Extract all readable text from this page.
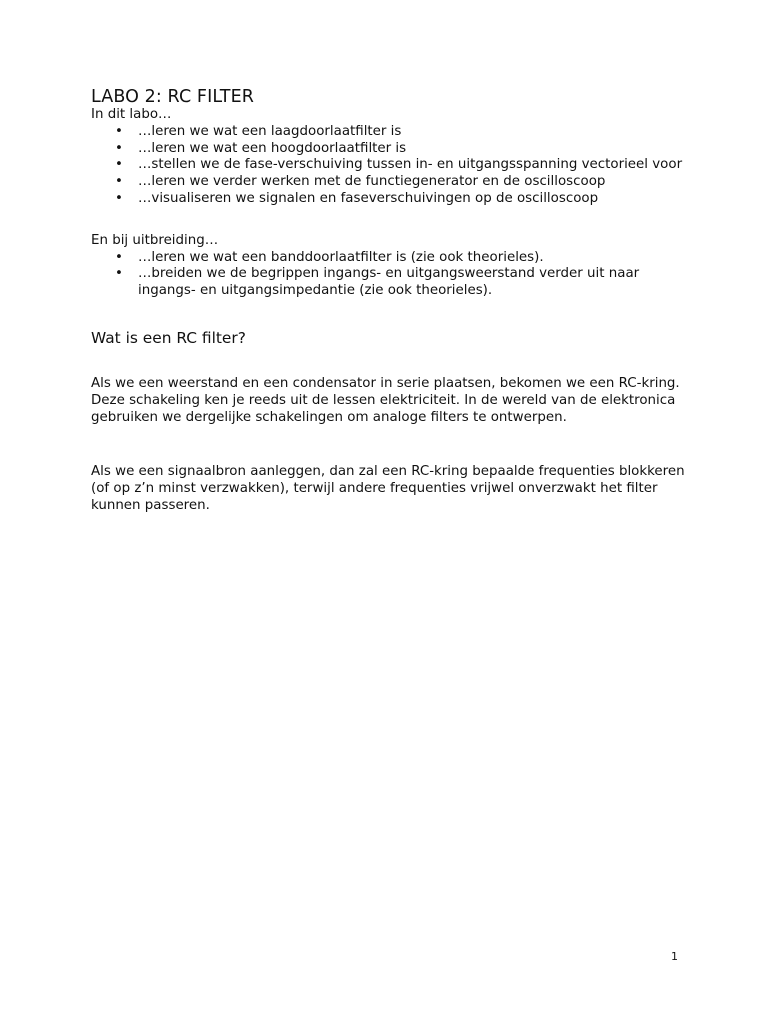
LABO 2: RC FILTER

In dit labo…

• …leren we wat een laagdoorlaatfilter is
• …leren we wat een hoogdoorlaatfilter is
• …stellen we de fase-verschuiving tussen in- en uitgangsspanning vectorieel voor
• …leren we verder werken met de functiegenerator en de oscilloscoop
• …visualiseren we signalen en faseverschuivingen op de oscilloscoop

En bij uitbreiding…

• …leren we wat een banddoorlaatfilter is (zie ook theorieles).
• …breiden we de begrippen ingangs- en uitgangsweerstand verder uit naar ingangs- en uitgangsimpedantie (zie ook theorieles).
Wat is een RC filter?

Als we een weerstand en een condensator in serie plaatsen, bekomen we een RC-kring. Deze schakeling ken je reeds uit de lessen elektriciteit. In de wereld van de elektronica gebruiken we dergelijke schakelingen om analoge filters te ontwerpen.

Als we een signaalbron aanleggen, dan zal een RC-kring bepaalde frequenties blokkeren (of op z’n minst verzwakken), terwijl andere frequenties vrijwel onverzwakt het filter kunnen passeren.

1
